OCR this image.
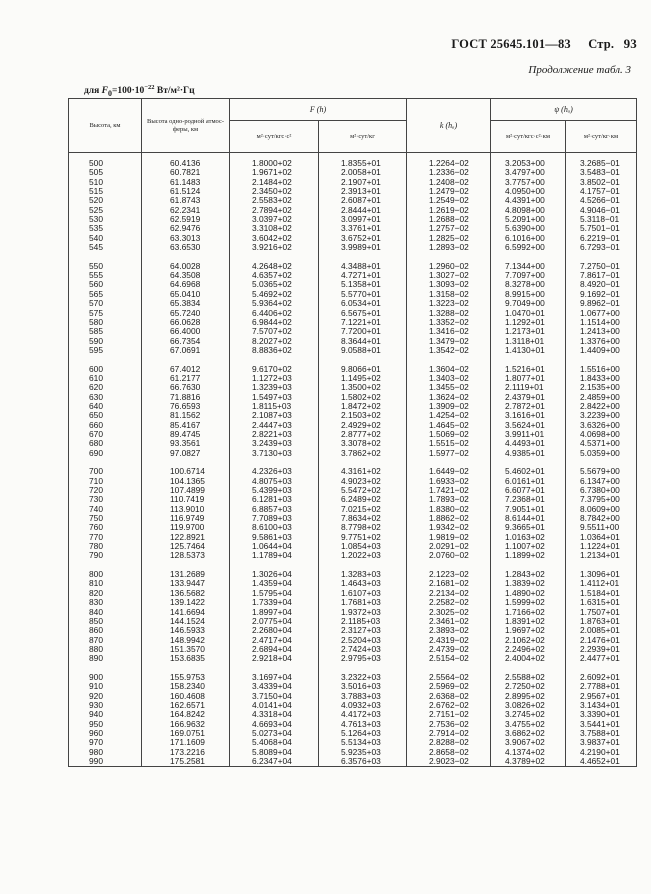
ГОСТ 25645.101—83 Стр. 93
Продолжение табл. 3
для $F_0=100\cdot 10^{-22}$ Вт/м²·Гц
Высота, км	Высота одно-родной атмос-феры, км	F (h)		k (hₐ)	ψ (hₐ)	
		м²·сут/кгс·с²	м²·сут/кг		м²·сут/кгс·с²·км	м²·сут/кг·км
500	60.4136	1.8000+02	1.8355+01	1.2264−02	3.2053+00	3.2685−01
505	60.7821	1.9671+02	2.0058+01	1.2336−02	3.4797+00	3.5483−01
510	61.1483	2.1484+02	2.1907+01	1.2408−02	3.7757+00	3.8502−01
515	61.5124	2.3450+02	2.3913+01	1.2479−02	4.0950+00	4.1757−01
520	61.8743	2.5583+02	2.6087+01	1.2549−02	4.4391+00	4.5266−01
525	62.2341	2.7894+02	2.8444+01	1.2619−02	4.8098+00	4.9046−01
530	62.5919	3.0397+02	3.0997+01	1.2688−02	5.2091+00	5.3118−01
535	62.9476	3.3108+02	3.3761+01	1.2757−02	5.6390+00	5.7501−01
540	63.3013	3.6042+02	3.6752+01	1.2825−02	6.1016+00	6.2219−01
545	63.6530	3.9216+02	3.9989+01	1.2893−02	6.5992+00	6.7293−01

550	64.0028	4.2648+02	4.3488+01	1.2960−02	7.1344+00	7.2750−01
555	64.3508	4.6357+02	4.7271+01	1.3027−02	7.7097+00	7.8617−01
560	64.6968	5.0365+02	5.1358+01	1.3093−02	8.3278+00	8.4920−01
565	65.0410	5.4692+02	5.5770+01	1.3158−02	8.9915+00	9.1692−01
570	65.3834	5.9364+02	6.0534+01	1.3223−02	9.7049+00	9.8962−01
575	65.7240	6.4406+02	6.5675+01	1.3288−02	1.0470+01	1.0677+00
580	66.0628	6.9844+02	7.1221+01	1.3352−02	1.1292+01	1.1514+00
585	66.4000	7.5707+02	7.7200+01	1.3416−02	1.2173+01	1.2413+00
590	66.7354	8.2027+02	8.3644+01	1.3479−02	1.3118+01	1.3376+00
595	67.0691	8.8836+02	9.0588+01	1.3542−02	1.4130+01	1.4409+00

600	67.4012	9.6170+02	9.8066+01	1.3604−02	1.5216+01	1.5516+00
610	61.2177	1.1272+03	1.1495+02	1.3403−02	1.8077+01	1.8433+00
620	66.7630	1.3239+03	1.3500+02	1.3455−02	2.1119+01	2.1535+00
630	71.8816	1.5497+03	1.5802+02	1.3624−02	2.4379+01	2.4859+00
640	76.6593	1.8115+03	1.8472+02	1.3909−02	2.7872+01	2.8422+00
650	81.1562	2.1087+03	2.1503+02	1.4254−02	3.1616+01	3.2239+00
660	85.4167	2.4447+03	2.4929+02	1.4645−02	3.5624+01	3.6326+00
670	89.4745	2.8221+03	2.8777+02	1.5069−02	3.9911+01	4.0698+00
680	93.3561	3.2439+03	3.3078+02	1.5515−02	4.4493+01	4.5371+00
690	97.0827	3.7130+03	3.7862+02	1.5977−02	4.9385+01	5.0359+00

700	100.6714	4.2326+03	4.3161+02	1.6449−02	5.4602+01	5.5679+00
710	104.1365	4.8075+03	4.9023+02	1.6933−02	6.0161+01	6.1347+00
720	107.4899	5.4399+03	5.5472+02	1.7421−02	6.6077+01	6.7380+00
730	110.7419	6.1281+03	6.2489+02	1.7893−02	7.2368+01	7.3795+00
740	113.9010	6.8857+03	7.0215+02	1.8380−02	7.9051+01	8.0609+00
750	116.9749	7.7089+03	7.8634+02	1.8862−02	8.6144+01	8.7842+00
760	119.9700	8.6100+03	8.7798+02	1.9342−02	9.3665+01	9.5511+00
770	122.8921	9.5861+03	9.7751+02	1.9819−02	1.0163+02	1.0364+01
780	125.7464	1.0644+04	1.0854+03	2.0291−02	1.1007+02	1.1224+01
790	128.5373	1.1789+04	1.2022+03	2.0760−02	1.1899+02	1.2134+01

800	131.2689	1.3026+04	1.3283+03	2.1223−02	1.2843+02	1.3096+01
810	133.9447	1.4359+04	1.4643+03	2.1681−02	1.3839+02	1.4112+01
820	136.5682	1.5795+04	1.6107+03	2.2134−02	1.4890+02	1.5184+01
830	139.1422	1.7339+04	1.7681+03	2.2582−02	1.5999+02	1.6315+01
840	141.6694	1.8997+04	1.9372+03	2.3025−02	1.7166+02	1.7507+01
850	144.1524	2.0775+04	2.1185+03	2.3461−02	1.8391+02	1.8763+01
860	146.5933	2.2680+04	2.3127+03	2.3893−02	1.9697+02	2.0085+01
870	148.9942	2.4717+04	2.5204+03	2.4319−02	2.1062+02	2.1476+01
880	151.3570	2.6894+04	2.7424+03	2.4739−02	2.2496+02	2.2939+01
890	153.6835	2.9218+04	2.9795+03	2.5154−02	2.4004+02	2.4477+01

900	155.9753	3.1697+04	3.2322+03	2.5564−02	2.5588+02	2.6092+01
910	158.2340	3.4339+04	3.5016+03	2.5969−02	2.7250+02	2.7788+01
920	160.4608	3.7150+04	3.7883+03	2.6368−02	2.8995+02	2.9567+01
930	162.6571	4.0141+04	4.0932+03	2.6762−02	3.0826+02	3.1434+01
940	164.8242	4.3318+04	4.4172+03	2.7151−02	3.2745+02	3.3390+01
950	166.9632	4.6693+04	4.7613+03	2.7536−02	3.4755+02	3.5441+01
960	169.0751	5.0273+04	5.1264+03	2.7914−02	3.6862+02	3.7588+01
970	171.1609	5.4068+04	5.5134+03	2.8288−02	3.9067+02	3.9837+01
980	173.2216	5.8089+04	5.9235+03	2.8658−02	4.1374+02	4.2190+01
990	175.2581	6.2347+04	6.3576+03	2.9023−02	4.3789+02	4.4652+01
